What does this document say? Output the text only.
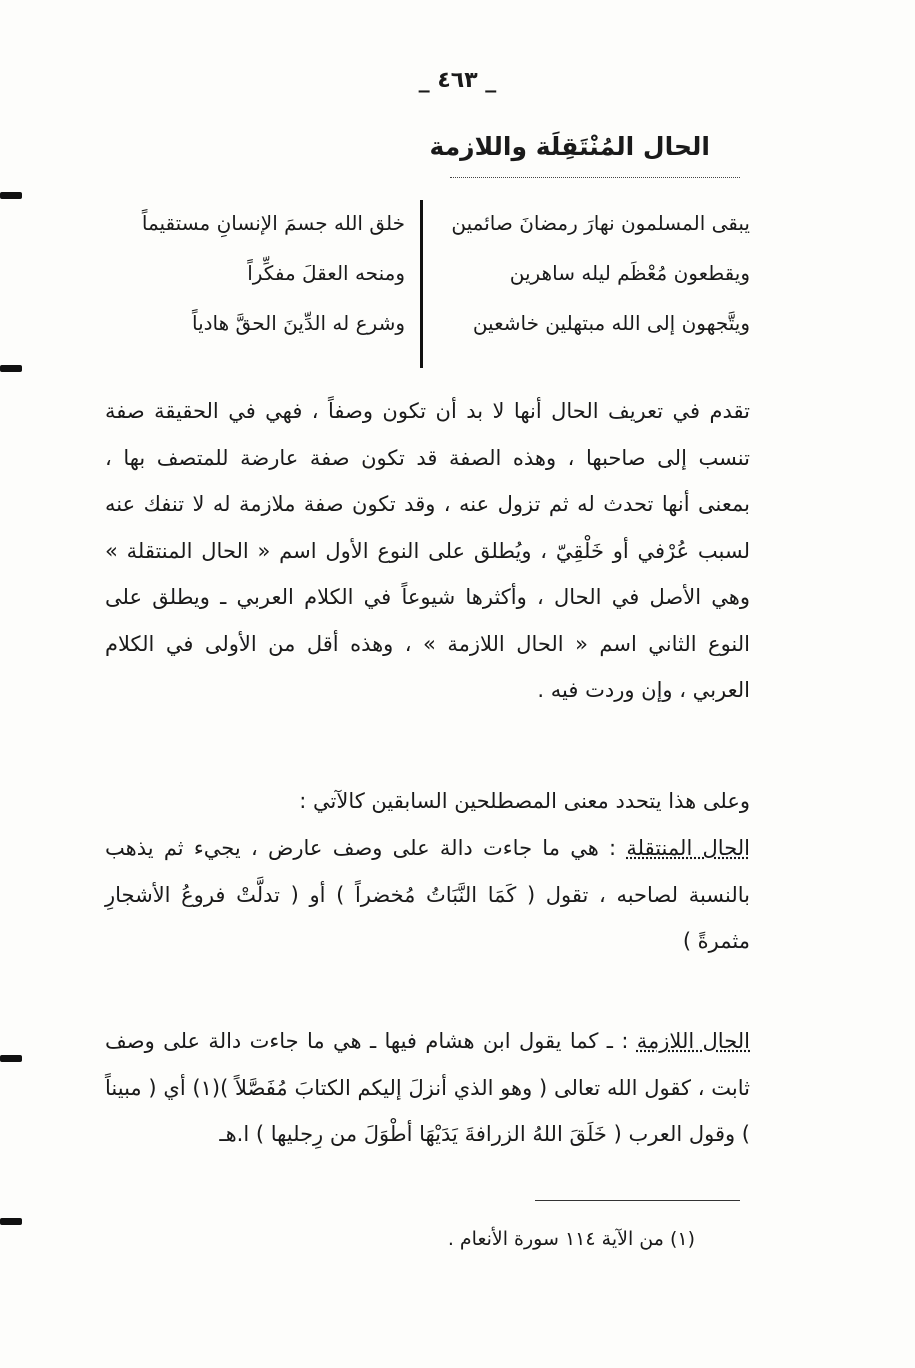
_ ٤٦٣ _
الحال المُنْتَقِلَة واللازمة
يبقى المسلمون نهارَ رمضانَ صائمين
ويقطعون مُعْظَم ليله ساهرين
ويتَّجهون إلى الله مبتهلين خاشعين
خلق الله جسمَ الإنسانِ مستقيماً
ومنحه العقلَ مفكِّراً
وشرع له الدِّينَ الحقَّ هادياً

تقدم في تعريف الحال أنها لا بد أن تكون وصفاً ، فهي في الحقيقة صفة تنسب إلى صاحبها ، وهذه الصفة قد تكون صفة عارضة للمتصف بها ، بمعنى أنها تحدث له ثم تزول عنه ، وقد تكون صفة ملازمة له لا تنفك عنه لسبب عُرْفي أو خَلْقِيّ ، ويُطلق على النوع الأول اسم « الحال المنتقلة » وهي الأصل في الحال ، وأكثرها شيوعاً في الكلام العربي ـ ويطلق على النوع الثاني اسم « الحال اللازمة » ، وهذه أقل من الأولى في الكلام العربي ، وإن وردت فيه .

وعلى هذا يتحدد معنى المصطلحين السابقين كالآتي :

الحال المنتقلة : هي ما جاءت دالة على وصف عارض ، يجيء ثم يذهب بالنسبة لصاحبه ، تقول ( كَمَا النَّبَاتُ مُخضراً ) أو ( تدلَّتْ فروعُ الأشجارِ مثمرةً )

الحال اللازمة : ـ كما يقول ابن هشام فيها ـ هي ما جاءت دالة على وصف ثابت ، كقول الله تعالى ( وهو الذي أنزلَ إليكم الكتابَ مُفَصَّلاً )(١) أي ( مبيناً ) وقول العرب ( خَلَقَ اللهُ الزرافةَ يَدَيْهَا أطْوَلَ من رِجليها ) ا.هـ

(١) من الآية ١١٤ سورة الأنعام .
